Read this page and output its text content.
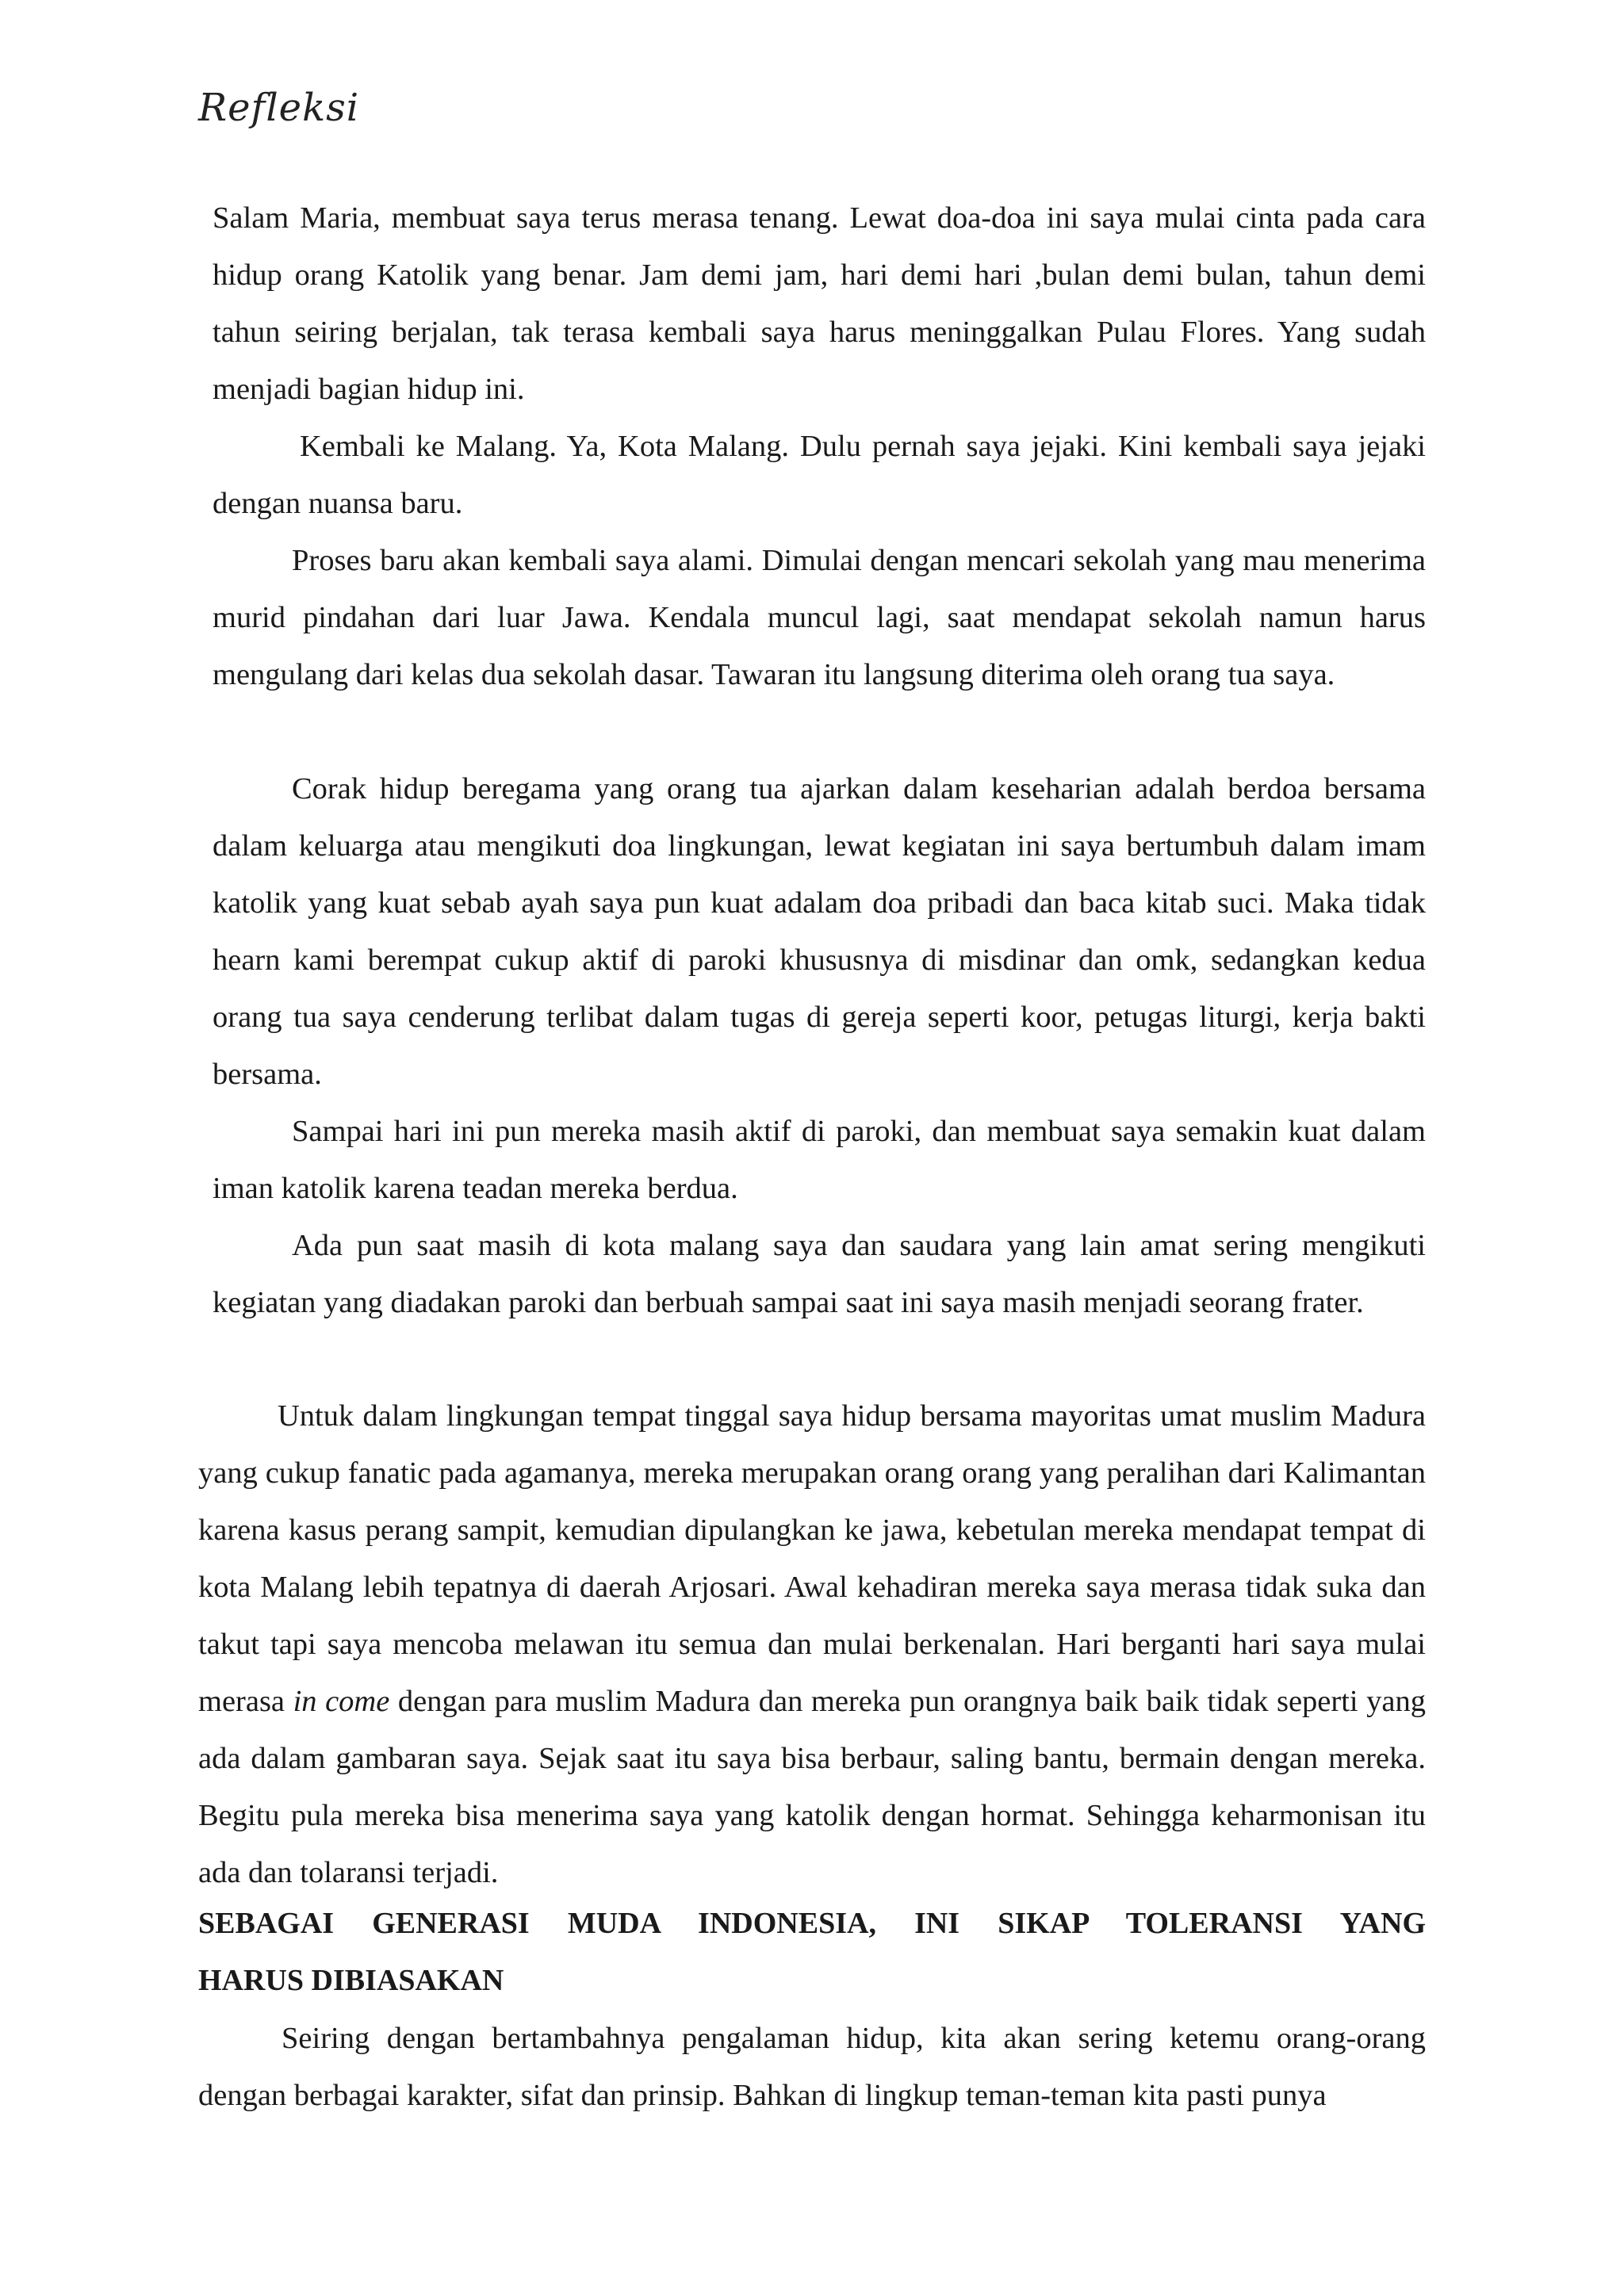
Refleksi

Salam Maria, membuat saya terus merasa tenang. Lewat doa-doa ini saya mulai cinta pada cara hidup orang Katolik yang benar. Jam demi jam, hari demi hari ,bulan demi bulan, tahun demi tahun seiring berjalan, tak terasa kembali saya harus meninggalkan Pulau Flores. Yang sudah menjadi bagian hidup ini.

Kembali ke Malang. Ya, Kota Malang. Dulu pernah saya jejaki. Kini kembali saya jejaki dengan nuansa baru.

Proses baru akan kembali saya alami. Dimulai dengan mencari sekolah yang mau menerima murid pindahan dari luar Jawa. Kendala muncul lagi, saat mendapat sekolah namun harus mengulang dari kelas dua sekolah dasar. Tawaran itu langsung diterima oleh orang tua saya.

Corak hidup beregama yang orang tua ajarkan dalam keseharian adalah berdoa bersama dalam keluarga atau mengikuti doa lingkungan, lewat kegiatan ini saya bertumbuh dalam imam katolik yang kuat sebab ayah saya pun kuat adalam doa pribadi dan baca kitab suci. Maka tidak hearn kami berempat cukup aktif di paroki khususnya di misdinar dan omk, sedangkan kedua orang tua saya cenderung terlibat dalam tugas di gereja seperti koor, petugas liturgi, kerja bakti bersama.

Sampai hari ini pun mereka masih aktif di paroki, dan membuat saya semakin kuat dalam iman katolik karena teadan mereka berdua.

Ada pun saat masih di kota malang saya dan saudara yang lain amat sering mengikuti kegiatan yang diadakan paroki dan berbuah sampai saat ini saya masih menjadi seorang frater.

Untuk dalam lingkungan tempat tinggal saya hidup bersama mayoritas umat muslim Madura yang cukup fanatic pada agamanya, mereka merupakan orang orang yang peralihan dari Kalimantan karena kasus perang sampit, kemudian dipulangkan ke jawa, kebetulan mereka mendapat tempat di kota Malang lebih tepatnya di daerah Arjosari. Awal kehadiran mereka saya merasa tidak suka dan takut tapi saya mencoba melawan itu semua dan mulai berkenalan. Hari berganti hari saya mulai merasa in come dengan para muslim Madura dan mereka pun orangnya baik baik tidak seperti yang ada dalam gambaran saya. Sejak saat itu saya bisa berbaur, saling bantu, bermain dengan mereka. Begitu pula mereka bisa menerima saya yang katolik dengan hormat. Sehingga keharmonisan itu ada dan tolaransi terjadi.

SEBAGAI GENERASI MUDA INDONESIA, INI SIKAP TOLERANSI YANG
HARUS DIBIASAKAN

Seiring dengan bertambahnya pengalaman hidup, kita akan sering ketemu orang-orang dengan berbagai karakter, sifat dan prinsip. Bahkan di lingkup teman-teman kita pasti punya
